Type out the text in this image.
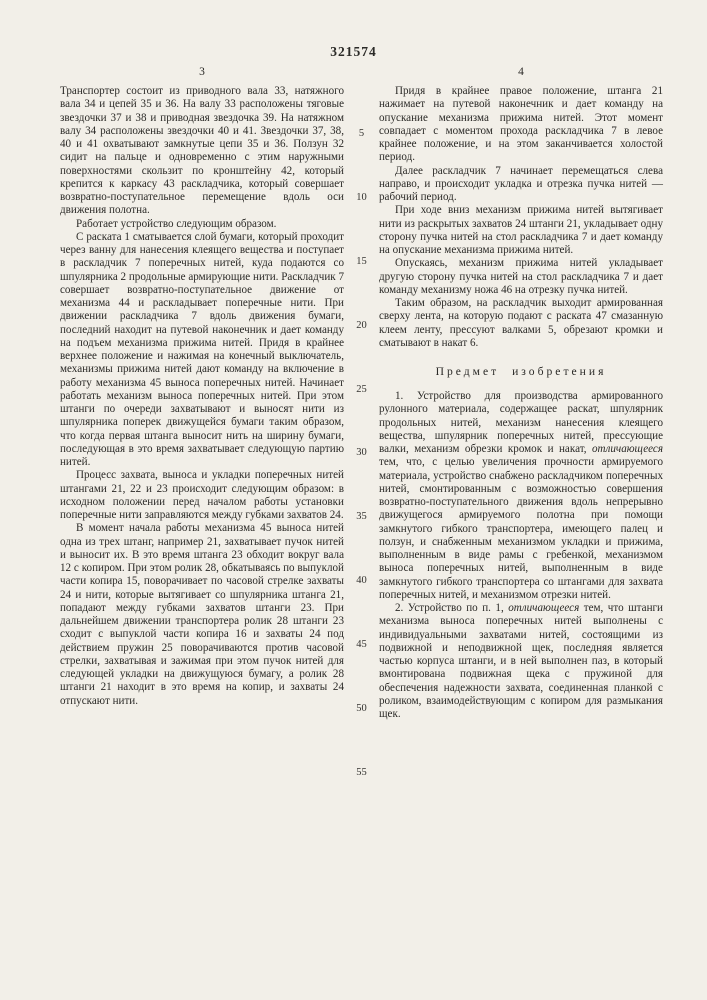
321574
3

Транспортер состоит из приводного вала 33, натяжного вала 34 и цепей 35 и 36. На валу 33 расположены тяговые звездочки 37 и 38 и приводная звездочка 39. На натяжном валу 34 расположены звездочки 40 и 41. Звездочки 37, 38, 40 и 41 охватывают замкнутые цепи 35 и 36. Ползун 32 сидит на пальце и одновременно с этим наружными поверхностями скользит по кронштейну 42, который крепится к каркасу 43 раскладчика, который совершает возвратно-поступательное перемещение вдоль оси движения полотна.

Работает устройство следующим образом.

С раската 1 сматывается слой бумаги, который проходит через ванну для нанесения клеящего вещества и поступает в раскладчик 7 поперечных нитей, куда подаются со шпулярника 2 продольные армирующие нити. Раскладчик 7 совершает возвратно-поступательное движение от механизма 44 и раскладывает поперечные нити. При движении раскладчика 7 вдоль движения бумаги, последний находит на путевой наконечник и дает команду на подъем механизма прижима нитей. Придя в крайнее верхнее положение и нажимая на конечный выключатель, механизмы прижима нитей дают команду на включение в работу механизма 45 выноса поперечных нитей. Начинает работать механизм выноса поперечных нитей. При этом штанги по очереди захватывают и выносят нити из шпулярника поперек движущейся бумаги таким образом, что когда первая штанга выносит нить на ширину бумаги, последующая в это время захватывает следующую партию нитей.

Процесс захвата, выноса и укладки поперечных нитей штангами 21, 22 и 23 происходит следующим образом: в исходном положении перед началом работы установки поперечные нити заправляются между губками захватов 24.

В момент начала работы механизма 45 выноса нитей одна из трех штанг, например 21, захватывает пучок нитей и выносит их. В это время штанга 23 обходит вокруг вала 12 с копиром. При этом ролик 28, обкатываясь по выпуклой части копира 15, поворачивает по часовой стрелке захваты 24 и нити, которые вытягивает со шпулярника штанга 21, попадают между губками захватов штанги 23. При дальнейшем движении транспортера ролик 28 штанги 23 сходит с выпуклой части копира 16 и захваты 24 под действием пружин 25 поворачиваются против часовой стрелки, захватывая и зажимая при этом пучок нитей для следующей укладки на движущуюся бумагу, а ролик 28 штанги 21 находит в это время на копир, и захваты 24 отпускают нити.

5
10
15
20
25
30
35
40
45
50
55
4

Придя в крайнее правое положение, штанга 21 нажимает на путевой наконечник и дает команду на опускание механизма прижима нитей. Этот момент совпадает с моментом прохода раскладчика 7 в левое крайнее положение, и на этом заканчивается холостой период.

Далее раскладчик 7 начинает перемещаться слева направо, и происходит укладка и отрезка пучка нитей — рабочий период.

При ходе вниз механизм прижима нитей вытягивает нити из раскрытых захватов 24 штанги 21, укладывает одну сторону пучка нитей на стол раскладчика 7 и дает команду на опускание механизма прижима нитей.

Опускаясь, механизм прижима нитей укладывает другую сторону пучка нитей на стол раскладчика 7 и дает команду механизму ножа 46 на отрезку пучка нитей.

Таким образом, на раскладчик выходит армированная сверху лента, на которую подают с раската 47 смазанную клеем ленту, прессуют валками 5, обрезают кромки и сматывают в накат 6.

Предмет изобретения

1. Устройство для производства армированного рулонного материала, содержащее раскат, шпулярник продольных нитей, механизм нанесения клеящего вещества, шпулярник поперечных нитей, прессующие валки, механизм обрезки кромок и накат, отличающееся тем, что, с целью увеличения прочности армируемого материала, устройство снабжено раскладчиком поперечных нитей, смонтированным с возможностью совершения возвратно-поступательного движения вдоль непрерывно движущегося армируемого полотна при помощи замкнутого гибкого транспортера, имеющего палец и ползун, и снабженным механизмом укладки и прижима, выполненным в виде рамы с гребенкой, механизмом выноса поперечных нитей, выполненным в виде замкнутого гибкого транспортера со штангами для захвата поперечных нитей, и механизмом отрезки нитей.

2. Устройство по п. 1, отличающееся тем, что штанги механизма выноса поперечных нитей выполнены с индивидуальными захватами нитей, состоящими из подвижной и неподвижной щек, последняя является частью корпуса штанги, и в ней выполнен паз, в который вмонтирована подвижная щека с пружиной для обеспечения надежности захвата, соединенная планкой с роликом, взаимодействующим с копиром для размыкания щек.
